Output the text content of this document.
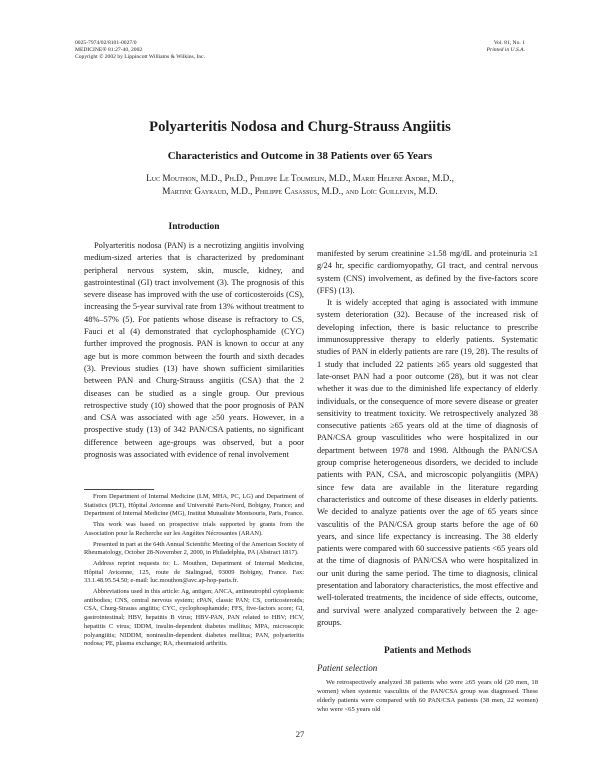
0025-7974/02/8101-0027/0
MEDICINE® 81:27-40, 2002
Copyright © 2002 by Lippincott Williams & Wilkins, Inc.
Vol. 81, No. 1
Printed in U.S.A.
Polyarteritis Nodosa and Churg-Strauss Angiitis
Characteristics and Outcome in 38 Patients over 65 Years
Luc Mouthon, M.D., Ph.D., Philippe Le Toumelin, M.D., Marie Helene Andre, M.D.,
Martine Gayraud, M.D., Philippe Casassus, M.D., and Loïc Guillevin, M.D.
Introduction

Polyarteritis nodosa (PAN) is a necrotizing angiitis involving medium-sized arteries that is characterized by predominant peripheral nervous system, skin, muscle, kidney, and gastrointestinal (GI) tract involvement (3). The prognosis of this severe disease has improved with the use of corticosteroids (CS), increasing the 5-year survival rate from 13% without treatment to 48%–57% (5). For patients whose disease is refractory to CS, Fauci et al (4) demonstrated that cyclophosphamide (CYC) further improved the prognosis. PAN is known to occur at any age but is more common between the fourth and sixth decades (3). Previous studies (13) have shown sufficient similarities between PAN and Churg-Strauss angiitis (CSA) that the 2 diseases can be studied as a single group. Our previous retrospective study (10) showed that the poor prognosis of PAN and CSA was associated with age ≥50 years. However, in a prospective study (13) of 342 PAN/CSA patients, no significant difference between age-groups was observed, but a poor prognosis was associated with evidence of renal involvement

From Department of Internal Medicine (LM, MHA, PC, LG) and Department of Statistics (PLT), Hôpital Avicenne and Université Paris-Nord, Bobigny, France; and Department of Internal Medicine (MG), Institut Mutualiste Montsouris, Paris, France.

This work was based on prospective trials supported by grants from the Association pour la Recherche sur les Angéites Nécrosantes (ARAN).

Presented in part at the 64th Annual Scientific Meeting of the American Society of Rheumatology, October 28-November 2, 2000, in Philadelphia, PA (Abstract 1817).

Address reprint requests to: L. Mouthon, Department of Internal Medicine, Hôpital Avicenne, 125, route de Stalingrad, 93009 Bobigny, France. Fax: 33.1.48.95.54.50; e-mail: luc.mouthon@avc.ap-hop-paris.fr.

Abbreviations used in this article: Ag, antigen; ANCA, antineutrophil cytoplasmic antibodies; CNS, central nervous system; cPAN, classic PAN; CS, corticosteroids; CSA, Churg-Strauss angiitis; CYC, cyclophosphamide; FFS, five-factors score; GI, gastrointestinal; HBV, hepatitis B virus; HBV-PAN, PAN related to HBV; HCV, hepatitis C virus; IDDM, insulin-dependent diabetes mellitus; MPA, microscopic polyangiitis; NIDDM, noninsulin-dependent diabetes mellitus; PAN, polyarteritis nodosa; PE, plasma exchange; RA, rheumatoid arthritis.

manifested by serum creatinine ≥1.58 mg/dL and proteinuria ≥1 g/24 hr, specific cardiomyopathy, GI tract, and central nervous system (CNS) involvement, as defined by the five-factors score (FFS) (13).

It is widely accepted that aging is associated with immune system deterioration (32). Because of the increased risk of developing infection, there is basic reluctance to prescribe immunosuppressive therapy to elderly patients. Systematic studies of PAN in elderly patients are rare (19, 28). The results of 1 study that included 22 patients ≥65 years old suggested that late-onset PAN had a poor outcome (28), but it was not clear whether it was due to the diminished life expectancy of elderly individuals, or the consequence of more severe disease or greater sensitivity to treatment toxicity. We retrospectively analyzed 38 consecutive patients ≥65 years old at the time of diagnosis of PAN/CSA group vasculitides who were hospitalized in our department between 1978 and 1998. Although the PAN/CSA group comprise heterogeneous disorders, we decided to include patients with PAN, CSA, and microscopic polyangiitis (MPA) since few data are available in the literature regarding characteristics and outcome of these diseases in elderly patients. We decided to analyze patients over the age of 65 years since vasculitis of the PAN/CSA group starts before the age of 60 years, and since life expectancy is increasing. The 38 elderly patients were compared with 60 successive patients <65 years old at the time of diagnosis of PAN/CSA who were hospitalized in our unit during the same period. The time to diagnosis, clinical presentation and laboratory characteristics, the most effective and well-tolerated treatments, the incidence of side effects, outcome, and survival were analyzed comparatively between the 2 age-groups.

Patients and Methods
Patient selection

We retrospectively analyzed 38 patients who were ≥65 years old (20 men, 18 women) when systemic vasculitis of the PAN/CSA group was diagnosed. These elderly patients were compared with 60 PAN/CSA patients (38 men, 22 women) who were <65 years old

27
